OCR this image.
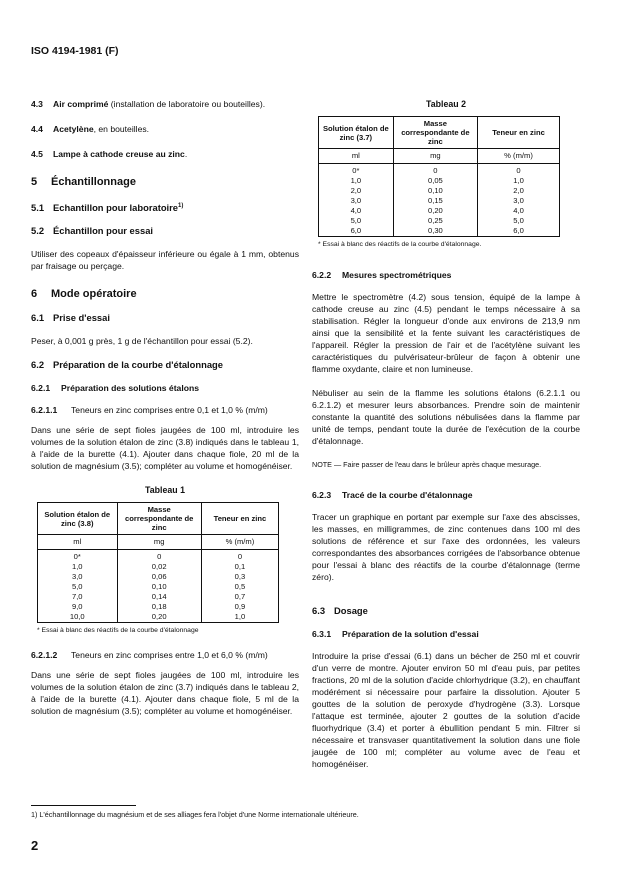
ISO 4194-1981 (F)

4.3 Air comprimé (installation de laboratoire ou bouteilles).

4.4 Acetylène, en bouteilles.

4.5 Lampe à cathode creuse au zinc.

5 Échantillonnage

5.1 Echantillon pour laboratoire$^{1)}$

5.2 Échantillon pour essai

Utiliser des copeaux d'épaisseur inférieure ou égale à 1 mm, obtenus par fraisage ou perçage.

6 Mode opératoire

6.1 Prise d'essai

Peser, à 0,001 g près, 1 g de l'échantillon pour essai (5.2).

6.2 Préparation de la courbe d'étalonnage

6.2.1 Préparation des solutions étalons

6.2.1.1 Teneurs en zinc comprises entre 0,1 et 1,0 % (m/m)

Dans une série de sept fioles jaugées de 100 ml, introduire les volumes de la solution étalon de zinc (3.8) indiqués dans le tableau 1, à l'aide de la burette (4.1). Ajouter dans chaque fiole, 20 ml de la solution de magnésium (3.5); compléter au volume et homogénéiser.

Tableau 1

Solution étalon de zinc (3.8)	Masse correspondante de zinc	Teneur en zinc
ml	mg	% (m/m)
0*	0	0
1,0	0,02	0,1
3,0	0,06	0,3
5,0	0,10	0,5
7,0	0,14	0,7
9,0	0,18	0,9
10,0	0,20	1,0

* Essai à blanc des réactifs de la courbe d'étalonnage

6.2.1.2 Teneurs en zinc comprises entre 1,0 et 6,0 % (m/m)

Dans une série de sept fioles jaugées de 100 ml, introduire les volumes de la solution étalon de zinc (3.7) indiqués dans le tableau 2, à l'aide de la burette (4.1). Ajouter dans chaque fiole, 5 ml de la solution de magnésium (3.5); compléter au volume et homogénéiser.

Tableau 2

Solution étalon de zinc (3.7)	Masse correspondante de zinc	Teneur en zinc
ml	mg	% (m/m)
0*	0	0
1,0	0,05	1,0
2,0	0,10	2,0
3,0	0,15	3,0
4,0	0,20	4,0
5,0	0,25	5,0
6,0	0,30	6,0

* Essai à blanc des réactifs de la courbe d'étalonnage.

6.2.2 Mesures spectrométriques

Mettre le spectromètre (4.2) sous tension, équipé de la lampe à cathode creuse au zinc (4.5) pendant le temps nécessaire à sa stabilisation. Régler la longueur d'onde aux environs de 213,9 nm ainsi que la sensibilité et la fente suivant les caractéristiques de l'appareil. Régler la pression de l'air et de l'acétylène suivant les caractéristiques du pulvérisateur-brûleur de façon à obtenir une flamme oxydante, claire et non lumineuse.

Nébuliser au sein de la flamme les solutions étalons (6.2.1.1 ou 6.2.1.2) et mesurer leurs absorbances. Prendre soin de maintenir constante la quantité des solutions nébulisées dans la flamme par unité de temps, pendant toute la durée de l'exécution de la courbe d'étalonnage.

NOTE — Faire passer de l'eau dans le brûleur après chaque mesurage.

6.2.3 Tracé de la courbe d'étalonnage

Tracer un graphique en portant par exemple sur l'axe des abscisses, les masses, en milligrammes, de zinc contenues dans 100 ml des solutions de référence et sur l'axe des ordonnées, les valeurs correspondantes des absorbances corrigées de l'absorbance obtenue pour l'essai à blanc des réactifs de la courbe d'étalonnage (terme zéro).

6.3 Dosage

6.3.1 Préparation de la solution d'essai

Introduire la prise d'essai (6.1) dans un bécher de 250 ml et couvrir d'un verre de montre. Ajouter environ 50 ml d'eau puis, par petites fractions, 20 ml de la solution d'acide chlorhydrique (3.2), en chauffant modérément si nécessaire pour parfaire la dissolution. Ajouter 5 gouttes de la solution de peroxyde d'hydrogène (3.3). Lorsque l'attaque est terminée, ajouter 2 gouttes de la solution d'acide fluorhydrique (3.4) et porter à ébullition pendant 5 min. Filtrer si nécessaire et transvaser quantitativement la solution dans une fiole jaugée de 100 ml; compléter au volume avec de l'eau et homogénéiser.

1) L'échantillonnage du magnésium et de ses alliages fera l'objet d'une Norme internationale ultérieure.
2
